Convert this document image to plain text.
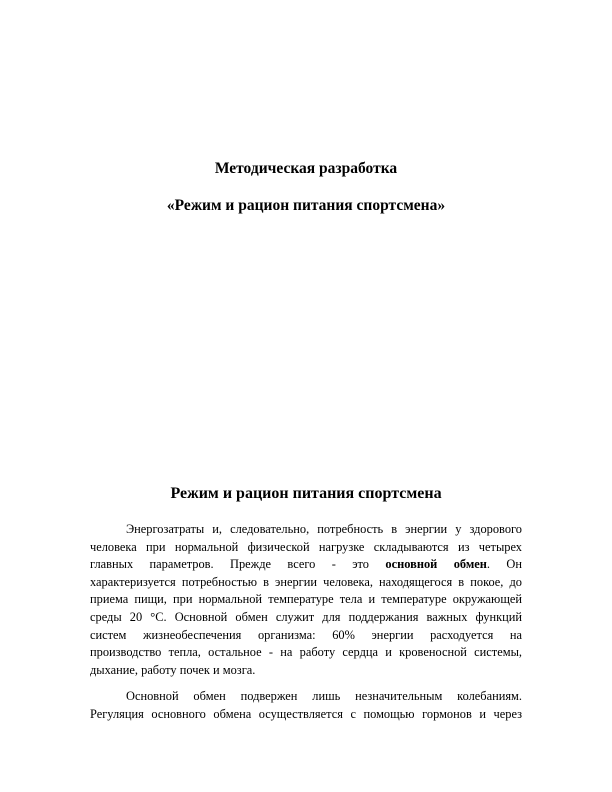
Методическая разработка
«Режим и рацион питания спортсмена»
Режим и рацион питания спортсмена
Энергозатраты и, следовательно, потребность в энергии у здорового
человека при нормальной физической нагрузке складываются из четырех
главных параметров. Прежде всего - это основной обмен. Он
характеризуется потребностью в энергии человека, находящегося в покое, до
приема пищи, при нормальной температуре тела и температуре окружающей
среды 20 °С. Основной обмен служит для поддержания важных функций
систем жизнеобеспечения организма: 60% энергии расходуется на
производство тепла, остальное - на работу сердца и кровеносной системы,
дыхание, работу почек и мозга.
Основной обмен подвержен лишь незначительным колебаниям.
Регуляция основного обмена осуществляется с помощью гормонов и через
